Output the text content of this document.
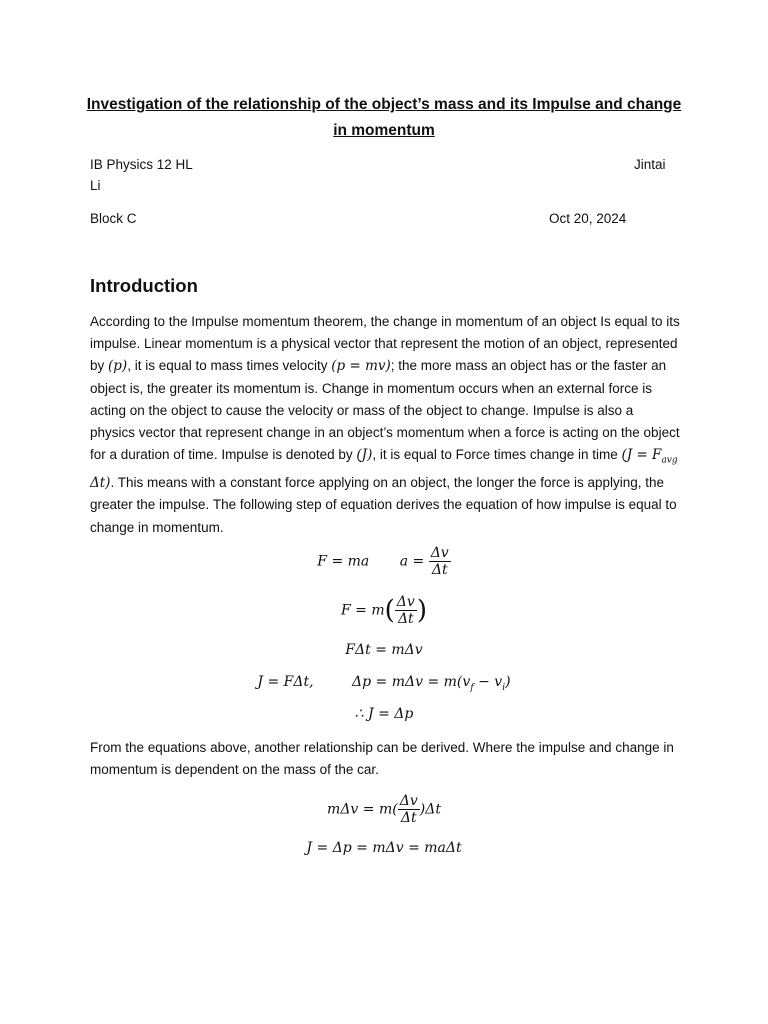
Investigation of the relationship of the object’s mass and its Impulse and change in momentum
IB Physics 12 HL	Jintai
Li
Block C	Oct 20, 2024
Introduction

According to the Impulse momentum theorem, the change in momentum of an object Is equal to its impulse. Linear momentum is a physical vector that represent the motion of an object, represented by (p), it is equal to mass times velocity (p = mv); the more mass an object has or the faster an object is, the greater its momentum is. Change in momentum occurs when an external force is acting on the object to cause the velocity or mass of the object to change. Impulse is also a physics vector that represent change in an object’s momentum when a force is acting on the object for a duration of time. Impulse is denoted by (J), it is equal to Force times change in time ($J = F_{avg}$ Δt). This means with a constant force applying on an object, the longer the force is applying, the greater the impulse. The following step of equation derives the equation of how impulse is equal to change in momentum.

F = ma $a = \frac{\Delta v}{\Delta t}$
$F = m( \frac{\Delta v}{\Delta t}$ )
FΔt = mΔv
J = FΔt,	$\Delta p = m\Delta v = m(v_f - v_i)$
∴ J = Δp

From the equations above, another relationship can be derived. Where the impulse and change in momentum is dependent on the mass of the car.

$m\Delta v = m( \frac{\Delta v}{\Delta t} )\Delta t$
J = Δp = mΔv = maΔt
